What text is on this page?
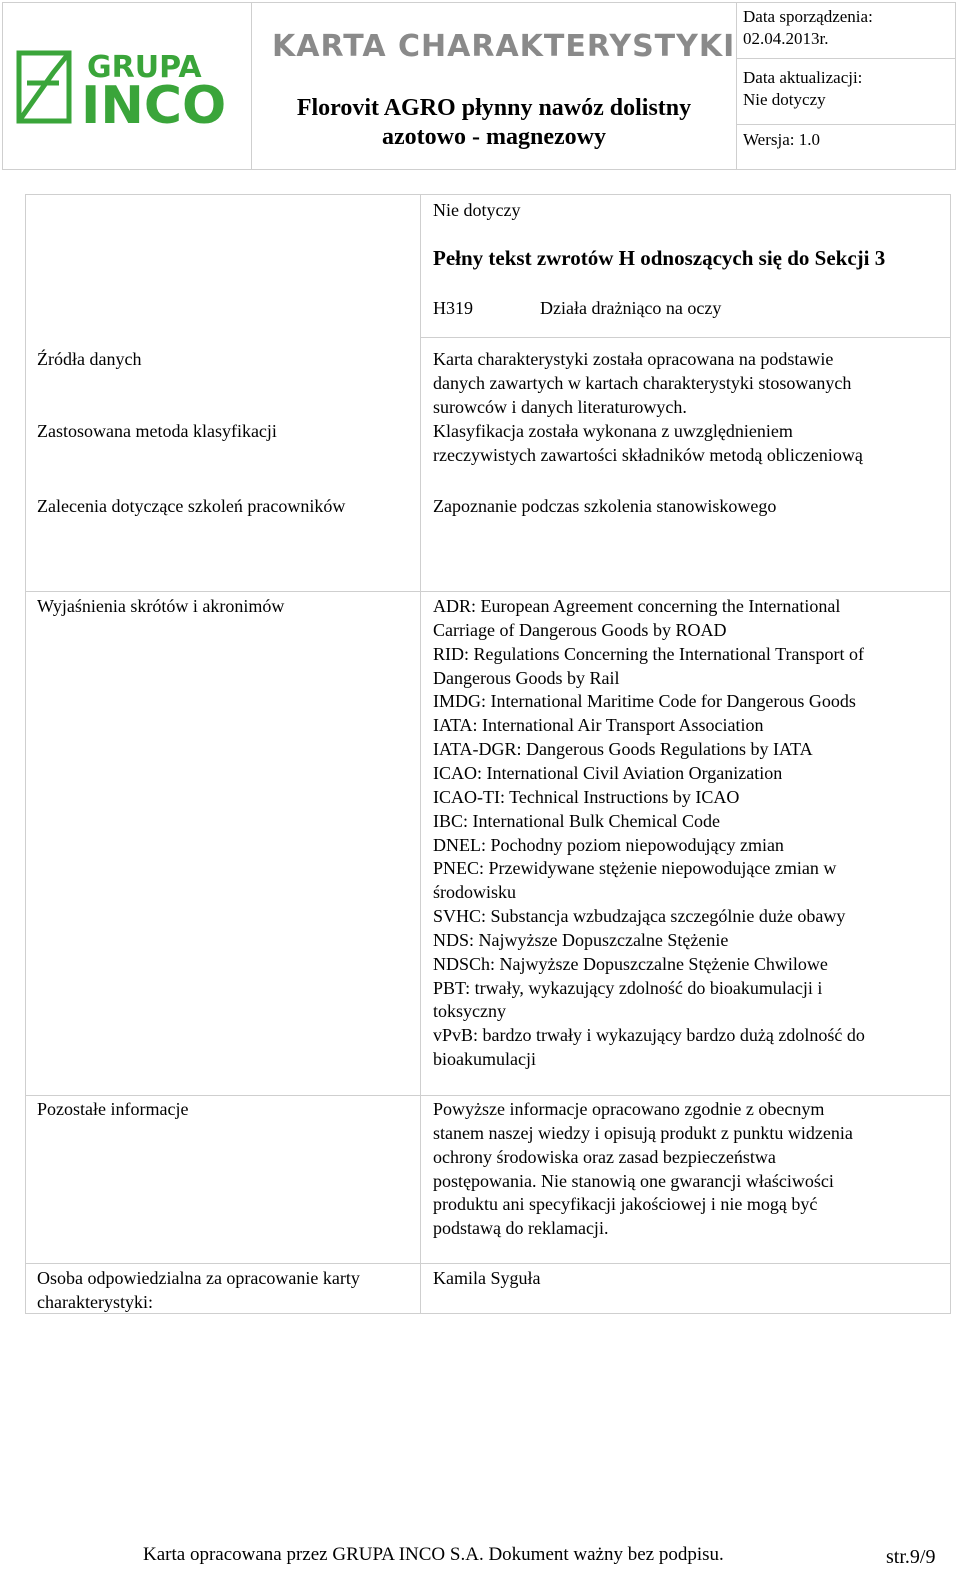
GRUPA
INCO
KARTA CHARAKTERYSTYKI
Florovit AGRO płynny nawóz dolistny
azotowo - magnezowy
Data sporządzenia:
02.04.2013r.
Data aktualizacji:
Nie dotyczy
Wersja: 1.0
Nie dotyczy
Pełny tekst zwrotów H odnoszących się do Sekcji 3
H319	Działa drażniąco na oczy
Źródła danych	Karta charakterystyki została opracowana na podstawie
danych zawartych w kartach charakterystyki stosowanych
surowców i danych literaturowych.
Zastosowana metoda klasyfikacji	Klasyfikacja została wykonana z uwzględnieniem
rzeczywistych zawartości składników metodą obliczeniową
Zalecenia dotyczące szkoleń pracowników	Zapoznanie podczas szkolenia stanowiskowego
Wyjaśnienia skrótów i akronimów	ADR: European Agreement concerning the International
Carriage of Dangerous Goods by ROAD
RID: Regulations Concerning the International Transport of
Dangerous Goods by Rail
IMDG: International Maritime Code for Dangerous Goods
IATA: International Air Transport Association
IATA-DGR: Dangerous Goods Regulations by IATA
ICAO: International Civil Aviation Organization
ICAO-TI: Technical Instructions by ICAO
IBC: International Bulk Chemical Code
DNEL: Pochodny poziom niepowodujący zmian
PNEC: Przewidywane stężenie niepowodujące zmian w
środowisku
SVHC: Substancja wzbudzająca szczególnie duże obawy
NDS: Najwyższe Dopuszczalne Stężenie
NDSCh: Najwyższe Dopuszczalne Stężenie Chwilowe
PBT: trwały, wykazujący zdolność do bioakumulacji i
toksyczny
vPvB: bardzo trwały i wykazujący bardzo dużą zdolność do
bioakumulacji
Pozostałe informacje	Powyższe informacje opracowano zgodnie z obecnym
stanem naszej wiedzy i opisują produkt z punktu widzenia
ochrony środowiska oraz zasad bezpieczeństwa
postępowania. Nie stanowią one gwarancji właściwości
produktu ani specyfikacji jakościowej i nie mogą być
podstawą do reklamacji.
Osoba odpowiedzialna za opracowanie karty
charakterystyki:
Kamila Syguła
Karta opracowana przez GRUPA INCO S.A. Dokument ważny bez podpisu.	str.9/9
